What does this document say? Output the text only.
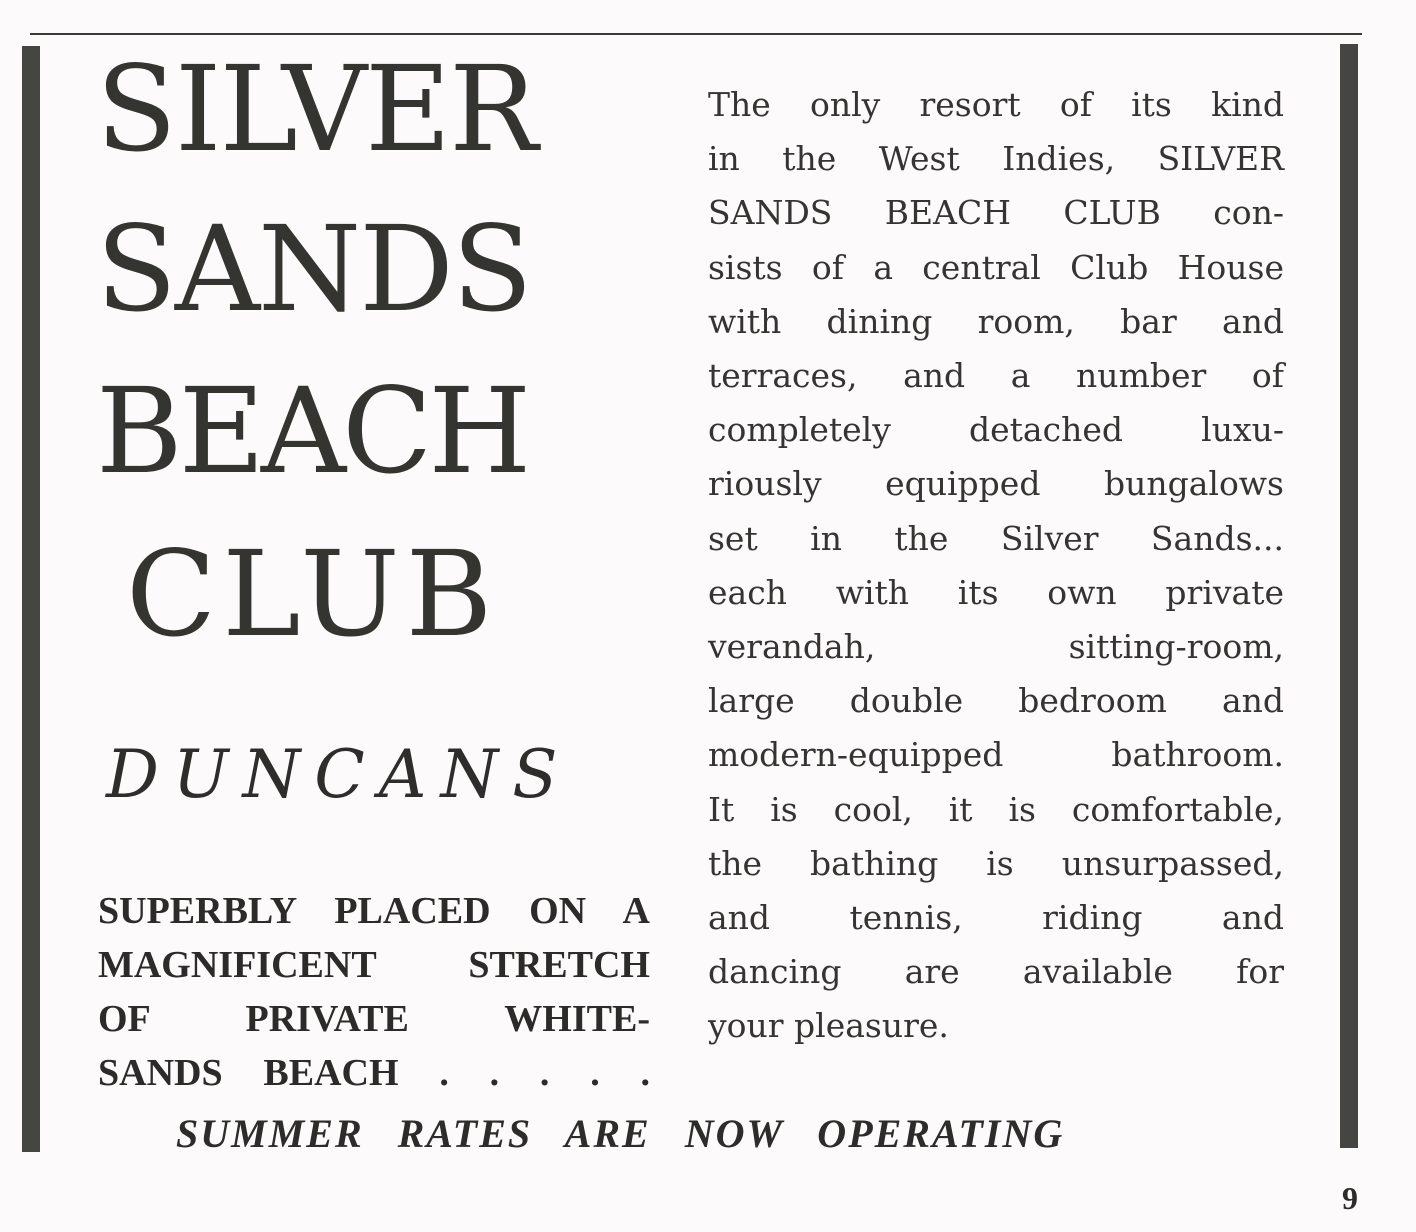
SILVER
SANDS
BEACH
CLUB
DUNCANS
SUPERBLY PLACED ON A
MAGNIFICENT STRETCH
OF PRIVATE WHITE-
SANDS BEACH . . . . .
The only resort of its kind
in the West Indies, SILVER
SANDS BEACH CLUB con-
sists of a central Club House
with dining room, bar and
terraces, and a number of
completely detached luxu-
riously equipped bungalows
set in the Silver Sands...
each with its own private
verandah, sitting-room,
large double bedroom and
modern-equipped bathroom.
It is cool, it is comfortable,
the bathing is unsurpassed,
and tennis, riding and
dancing are available for
your pleasure.
SUMMER RATES ARE NOW OPERATING
9
